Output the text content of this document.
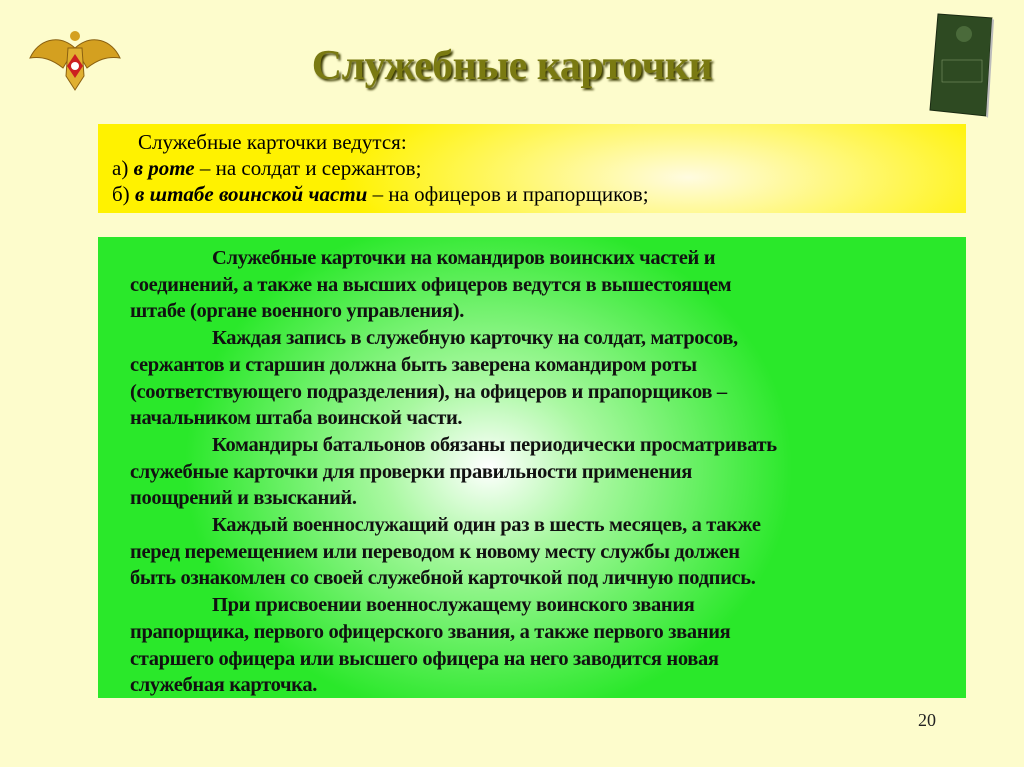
Служебные карточки
Служебные карточки ведутся:
а) в роте – на солдат и сержантов;
б) в штабе воинской части – на офицеров и прапорщиков;
Служебные карточки на командиров воинских частей и
соединений, а также на высших офицеров ведутся в вышестоящем
штабе (органе военного управления).
Каждая запись в служебную карточку на солдат, матросов,
сержантов и старшин должна быть заверена командиром роты
(соответствующего подразделения), на офицеров и прапорщиков –
начальником штаба воинской части.
Командиры батальонов обязаны периодически просматривать
служебные карточки для проверки правильности применения
поощрений и взысканий.
Каждый военнослужащий один раз в шесть месяцев, а также
перед перемещением или переводом к новому месту службы должен
быть ознакомлен со своей служебной карточкой под личную подпись.
При присвоении военнослужащему воинского звания
прапорщика, первого офицерского звания, а также первого звания
старшего офицера или высшего офицера на него заводится новая
служебная карточка.
20
